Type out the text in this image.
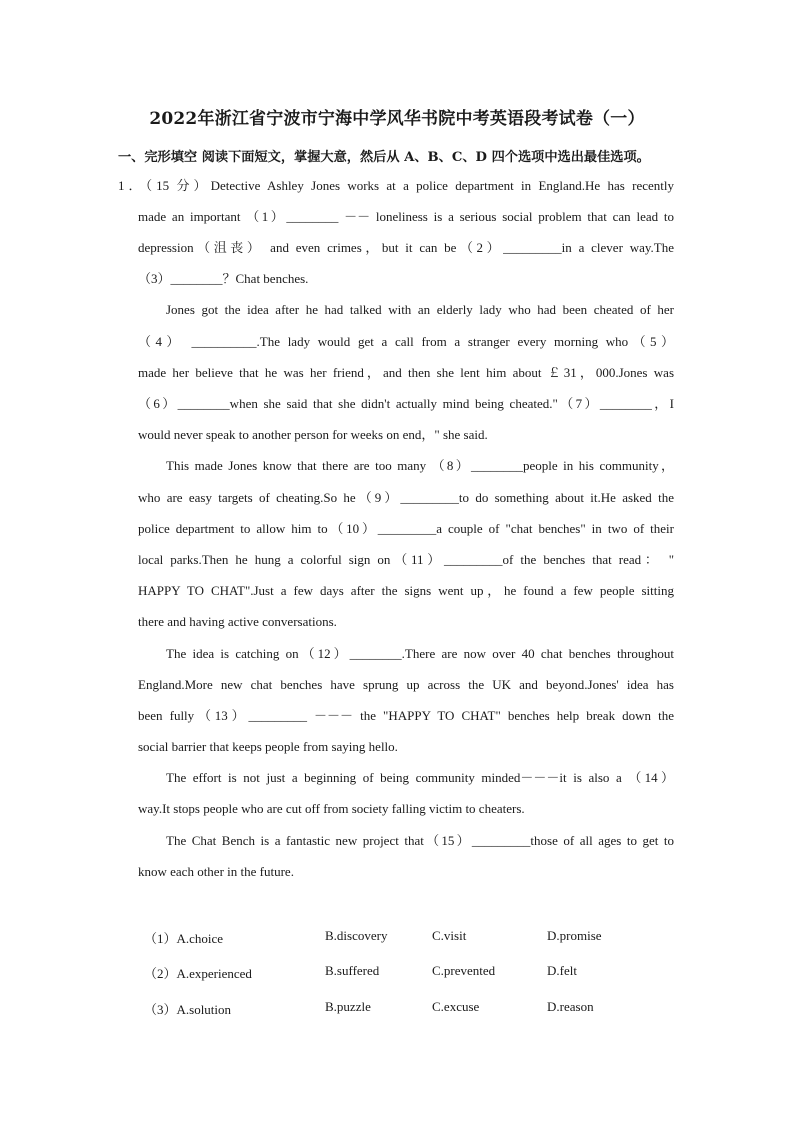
2022年浙江省宁波市宁海中学风华书院中考英语段考试卷（一）
一、完形填空 阅读下面短文，掌握大意，然后从 A、B、C、D 四个选项中选出最佳选项。
1．（15 分）Detective Ashley Jones works at a police department in England.He has recently
made an important （1）________ －－ loneliness is a serious social problem that can lead to
depression（沮丧） and even crimes，but it can be（2）_________in a clever way.The
（3）________？Chat benches.
Jones got the idea after he had talked with an elderly lady who had been cheated of her
（4） __________.The lady would get a call from a stranger every morning who（5）
made her believe that he was her friend，and then she lent him about ￡31，000.Jones was
（6）________when she said that she didn't actually mind being cheated."（7）________，I
would never speak to another person for weeks on end，" she said.
This made Jones know that there are too many （8）________people in his community，
who are easy targets of cheating.So he（9）_________to do something about it.He asked the
police department to allow him to（10）_________a couple of "chat benches" in two of their
local parks.Then he hung a colorful sign on（11）_________of the benches that read： "
HAPPY TO CHAT".Just a few days after the signs went up，he found a few people sitting
there and having active conversations.
The idea is catching on（12）________.There are now over 40 chat benches throughout
England.More new chat benches have sprung up across the UK and beyond.Jones' idea has
been fully（13）_________ －－－ the "HAPPY TO CHAT" benches help break down the
social barrier that keeps people from saying hello.
The effort is not just a beginning of being community minded－－－it is also a （14）
way.It stops people who are cut off from society falling victim to cheaters.
The Chat Bench is a fantastic new project that（15）_________those of all ages to get to
know each other in the future.
（1）A.choice	B.discovery	C.visit	D.promise
（2）A.experienced	B.suffered	C.prevented	D.felt
（3）A.solution	B.puzzle	C.excuse	D.reason
